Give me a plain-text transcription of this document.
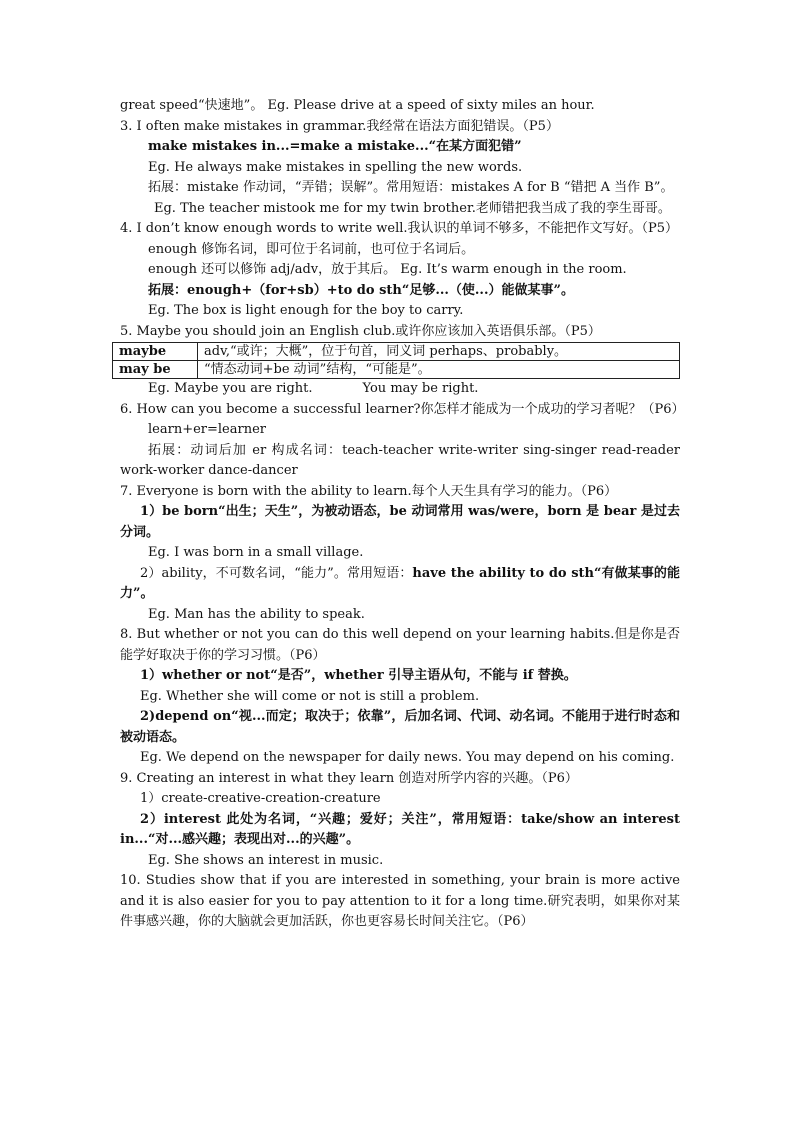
great speed“快速地”。 Eg. Please drive at a speed of sixty miles an hour.
3. I often make mistakes in grammar.我经常在语法方面犯错误。（P5）
make mistakes in...=make a mistake...“在某方面犯错”
Eg. He always make mistakes in spelling the new words.
拓展：mistake 作动词，“弄错；误解”。常用短语：mistakes A for B “错把 A 当作 B”。
Eg. The teacher mistook me for my twin brother.老师错把我当成了我的孪生哥哥。
4. I don’t know enough words to write well.我认识的单词不够多，不能把作文写好。（P5）
enough 修饰名词，即可位于名词前，也可位于名词后。
enough 还可以修饰 adj/adv，放于其后。 Eg. It’s warm enough in the room.
拓展：enough+（for+sb）+to do sth“足够...（使...）能做某事”。
Eg. The box is light enough for the boy to carry.
5. Maybe you should join an English club.或许你应该加入英语俱乐部。（P5）
maybe	adv,“或许；大概”，位于句首，同义词 perhaps、probably。
may be	“情态动词+be 动词”结构，“可能是”。
Eg. Maybe you are right.	You may be right.
6. How can you become a successful learner?你怎样才能成为一个成功的学习者呢？（P6）
learn+er=learner
拓展：动词后加 er 构成名词：teach-teacher write-writer sing-singer read-reader work-worker dance-dancer
7. Everyone is born with the ability to learn.每个人天生具有学习的能力。（P6）
1）be born“出生；天生”，为被动语态，be 动词常用 was/were，born 是 bear 是过去分词。
Eg. I was born in a small village.
2）ability，不可数名词，“能力”。常用短语：have the ability to do sth“有做某事的能力”。
Eg. Man has the ability to speak.
8. But whether or not you can do this well depend on your learning habits.但是你是否能学好取决于你的学习习惯。（P6）
1）whether or not“是否”，whether 引导主语从句，不能与 if 替换。
Eg. Whether she will come or not is still a problem.
2)depend on“视...而定；取决于；依靠”，后加名词、代词、动名词。不能用于进行时态和被动语态。
Eg. We depend on the newspaper for daily news. You may depend on his coming.
9. Creating an interest in what they learn 创造对所学内容的兴趣。（P6）
1）create-creative-creation-creature
2）interest 此处为名词，“兴趣；爱好；关注”，常用短语：take/show an interest in...“对...感兴趣；表现出对...的兴趣”。
Eg. She shows an interest in music.
10. Studies show that if you are interested in something, your brain is more active and it is also easier for you to pay attention to it for a long time.研究表明，如果你对某件事感兴趣，你的大脑就会更加活跃，你也更容易长时间关注它。（P6）
